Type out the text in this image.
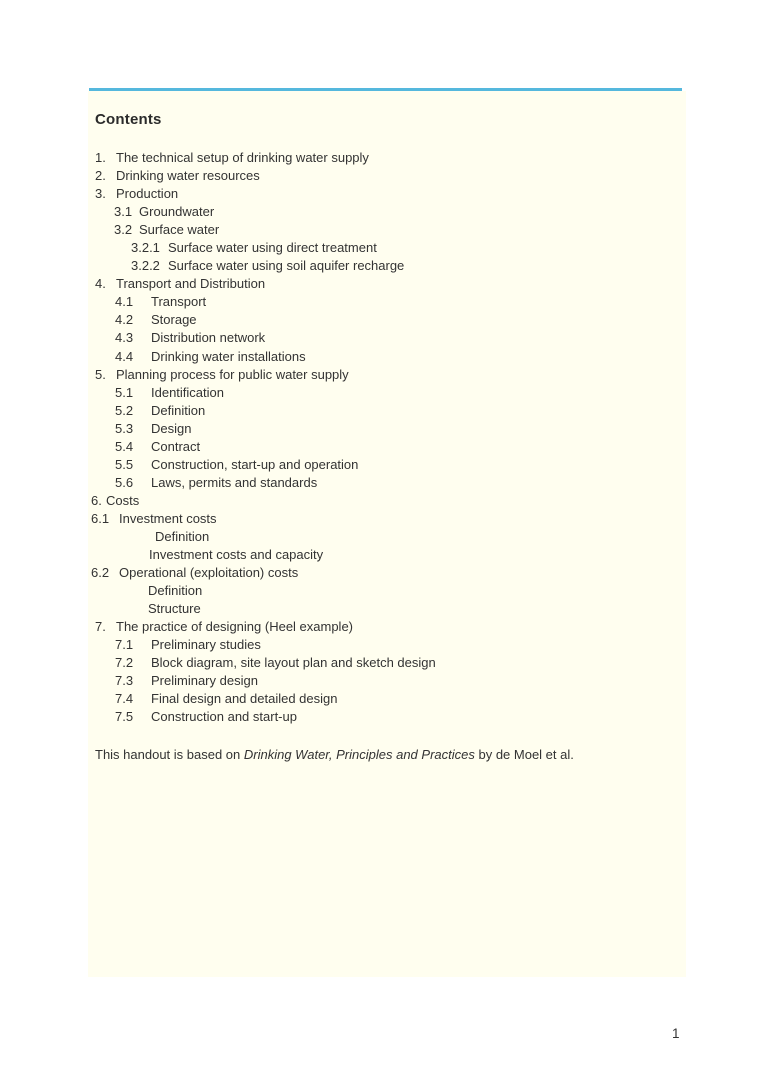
Contents
1. The technical setup of drinking water supply
2. Drinking water resources
3. Production
3.1 Groundwater
3.2 Surface water
3.2.1 Surface water using direct treatment
3.2.2 Surface water using soil aquifer recharge
4. Transport and Distribution
4.1 Transport
4.2 Storage
4.3 Distribution network
4.4 Drinking water installations
5. Planning process for public water supply
5.1 Identification
5.2 Definition
5.3 Design
5.4 Contract
5.5 Construction, start-up and operation
5.6 Laws, permits and standards
6. Costs
6.1 Investment costs
Definition
Investment costs and capacity
6.2 Operational (exploitation) costs
Definition
Structure
7. The practice of designing (Heel example)
7.1 Preliminary studies
7.2 Block diagram, site layout plan and sketch design
7.3 Preliminary design
7.4 Final design and detailed design
7.5 Construction and start-up

This handout is based on Drinking Water, Principles and Practices by de Moel et al.

1
